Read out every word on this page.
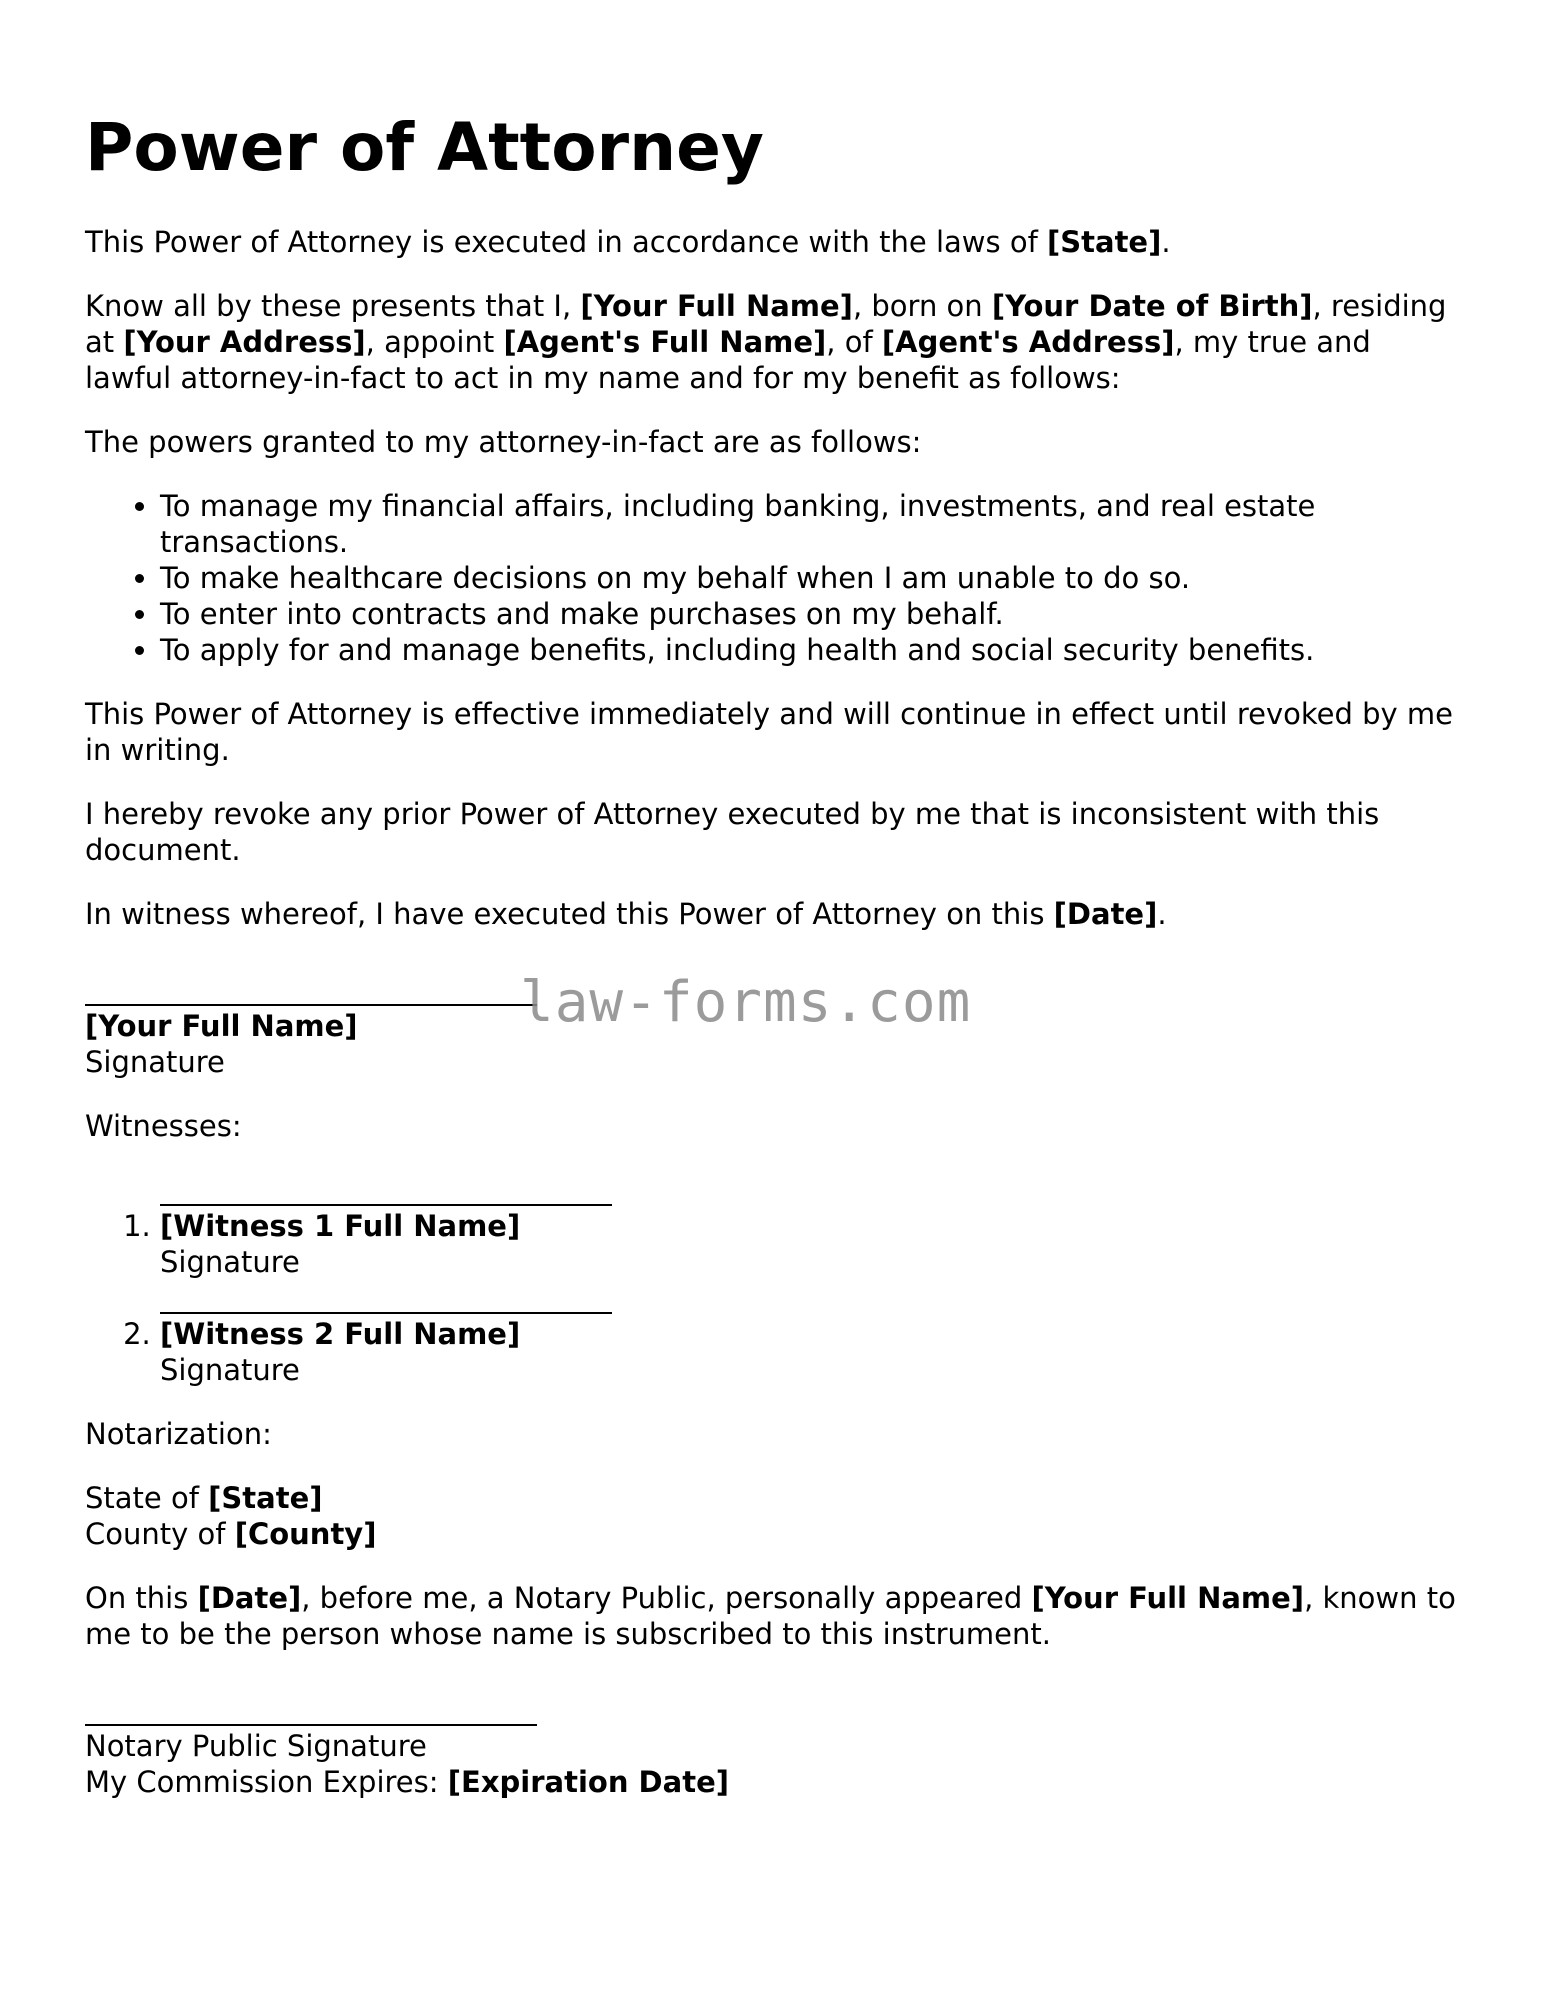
Power of Attorney

This Power of Attorney is executed in accordance with the laws of [State].

Know all by these presents that I, [Your Full Name], born on [Your Date of Birth], residing at [Your Address], appoint [Agent's Full Name], of [Agent's Address], my true and lawful attorney-in-fact to act in my name and for my benefit as follows:

The powers granted to my attorney-in-fact are as follows:

• To manage my financial affairs, including banking, investments, and real estate transactions.
• To make healthcare decisions on my behalf when I am unable to do so.
• To enter into contracts and make purchases on my behalf.
• To apply for and manage benefits, including health and social security benefits.

This Power of Attorney is effective immediately and will continue in effect until revoked by me in writing.

I hereby revoke any prior Power of Attorney executed by me that is inconsistent with this document.

In witness whereof, I have executed this Power of Attorney on this [Date].

[Your Full Name]
Signature

Witnesses:

1. [Witness 1 Full Name]
Signature
2. [Witness 2 Full Name]
Signature

Notarization:

State of [State]
County of [County]

On this [Date], before me, a Notary Public, personally appeared [Your Full Name], known to me to be the person whose name is subscribed to this instrument.

Notary Public Signature
My Commission Expires: [Expiration Date]
law-forms.com
